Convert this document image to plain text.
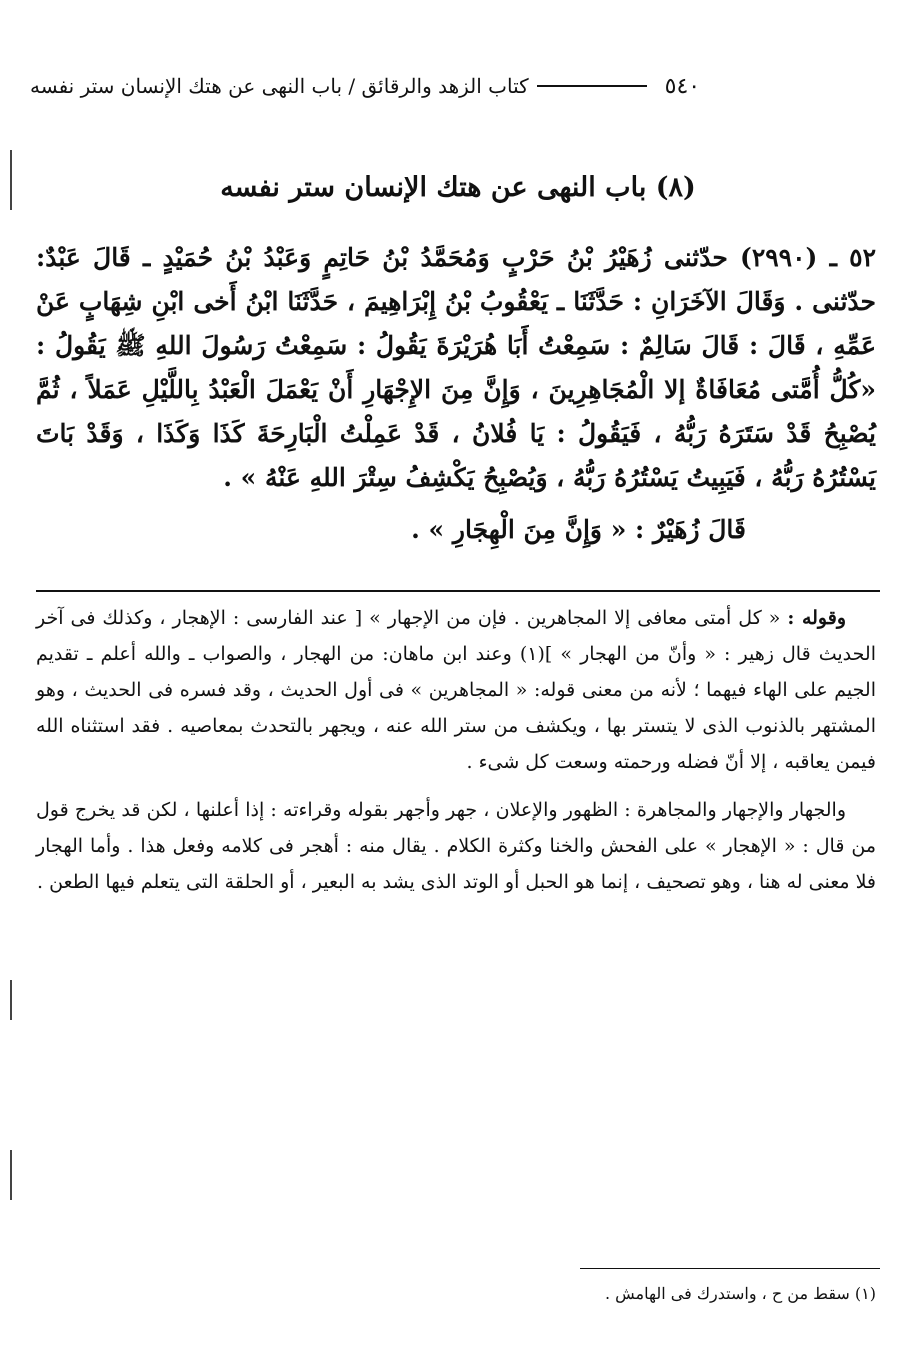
٥٤٠
كتاب الزهد والرقائق / باب النهى عن هتك الإنسان ستر نفسه
(٨) باب النهى عن هتك الإنسان ستر نفسه

٥٢ ـ (٢٩٩٠) حدّثنى زُهَيْرُ بْنُ حَرْبٍ وَمُحَمَّدُ بْنُ حَاتِمٍ وَعَبْدُ بْنُ حُمَيْدٍ ـ قَالَ عَبْدٌ: حدّثنى . وَقَالَ الآخَرَانِ : حَدَّثَنَا ـ يَعْقُوبُ بْنُ إِبْرَاهِيمَ ، حَدَّثَنَا ابْنُ أَخى ابْنِ شِهَابٍ عَنْ عَمِّهِ ، قَالَ : قَالَ سَالِمٌ : سَمِعْتُ أَبَا هُرَيْرَةَ يَقُولُ : سَمِعْتُ رَسُولَ اللهِ ﷺ يَقُولُ : «كُلُّ أُمَّتى مُعَافَاةٌ إلا الْمُجَاهِرِينَ ، وَإِنَّ مِنَ الإِجْهَارِ أَنْ يَعْمَلَ الْعَبْدُ بِاللَّيْلِ عَمَلاً ، ثُمَّ يُصْبِحُ قَدْ سَتَرَهُ رَبُّهُ ، فَيَقُولُ : يَا فُلانُ ، قَدْ عَمِلْتُ الْبَارِحَةَ كَذَا وَكَذَا ، وَقَدْ بَاتَ يَسْتُرُهُ رَبُّهُ ، فَيَبِيتُ يَسْتُرُهُ رَبُّهُ ، وَيُصْبِحُ يَكْشِفُ سِتْرَ اللهِ عَنْهُ » .

قَالَ زُهَيْرٌ : « وَإِنَّ مِنَ الْهِجَارِ » .

وقوله : « كل أمتى معافى إلا المجاهرين . فإن من الإجهار » [ عند الفارسى : الإهجار ، وكذلك فى آخر الحديث قال زهير : « وأنّ من الهجار » ](١) وعند ابن ماهان: من الهجار ، والصواب ـ والله أعلم ـ تقديم الجيم على الهاء فيهما ؛ لأنه من معنى قوله: « المجاهرين » فى أول الحديث ، وقد فسره فى الحديث ، وهو المشتهر بالذنوب الذى لا يتستر بها ، ويكشف من ستر الله عنه ، ويجهر بالتحدث بمعاصيه . فقد استثناه الله فيمن يعاقبه ، إلا أنّ فضله ورحمته وسعت كل شىء .

والجهار والإجهار والمجاهرة : الظهور والإعلان ، جهر وأجهر بقوله وقراءته : إذا أعلنها ، لكن قد يخرج قول من قال : « الإهجار » على الفحش والخنا وكثرة الكلام . يقال منه : أهجر فى كلامه وفعل هذا . وأما الهجار فلا معنى له هنا ، وهو تصحيف ، إنما هو الحبل أو الوتد الذى يشد به البعير ، أو الحلقة التى يتعلم فيها الطعن .

(١) سقط من ح ، واستدرك فى الهامش .
